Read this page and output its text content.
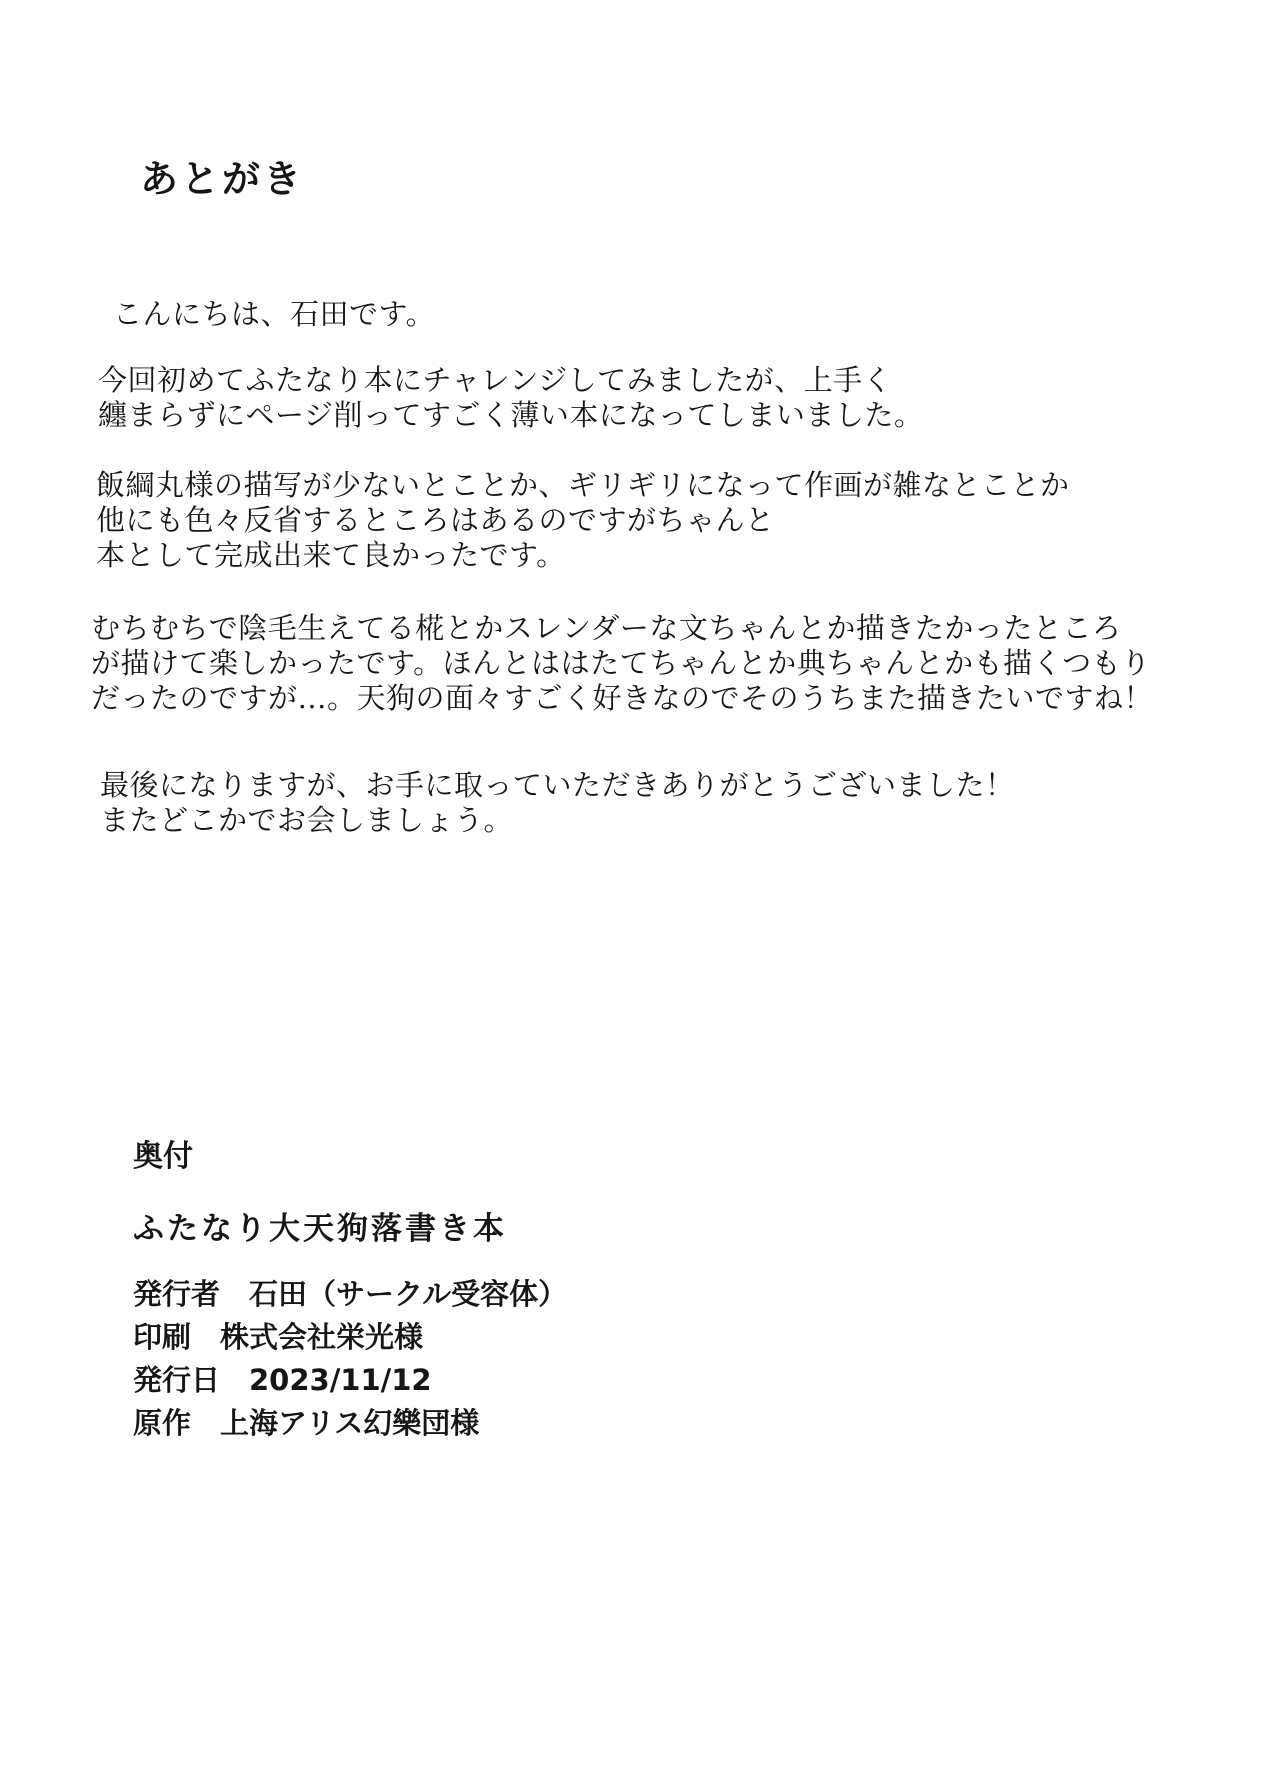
あとがき
こんにちは、石田です。
今回初めてふたなり本にチャレンジしてみましたが、上手く
纏まらずにページ削ってすごく薄い本になってしまいました。
飯綱丸様の描写が少ないとことか、ギリギリになって作画が雑なとことか
他にも色々反省するところはあるのですがちゃんと
本として完成出来て良かったです。
むちむちで陰毛生えてる椛とかスレンダーな文ちゃんとか描きたかったところ
が描けて楽しかったです。ほんとははたてちゃんとか典ちゃんとかも描くつもり
だったのですが…。天狗の面々すごく好きなのでそのうちまた描きたいですね！
最後になりますが、お手に取っていただきありがとうございました！
またどこかでお会しましょう。
奥付
ふたなり大天狗落書き本
発行者　石田（サークル受容体）
印刷　株式会社栄光様
発行日　2023/11/12
原作　上海アリス幻樂団様
